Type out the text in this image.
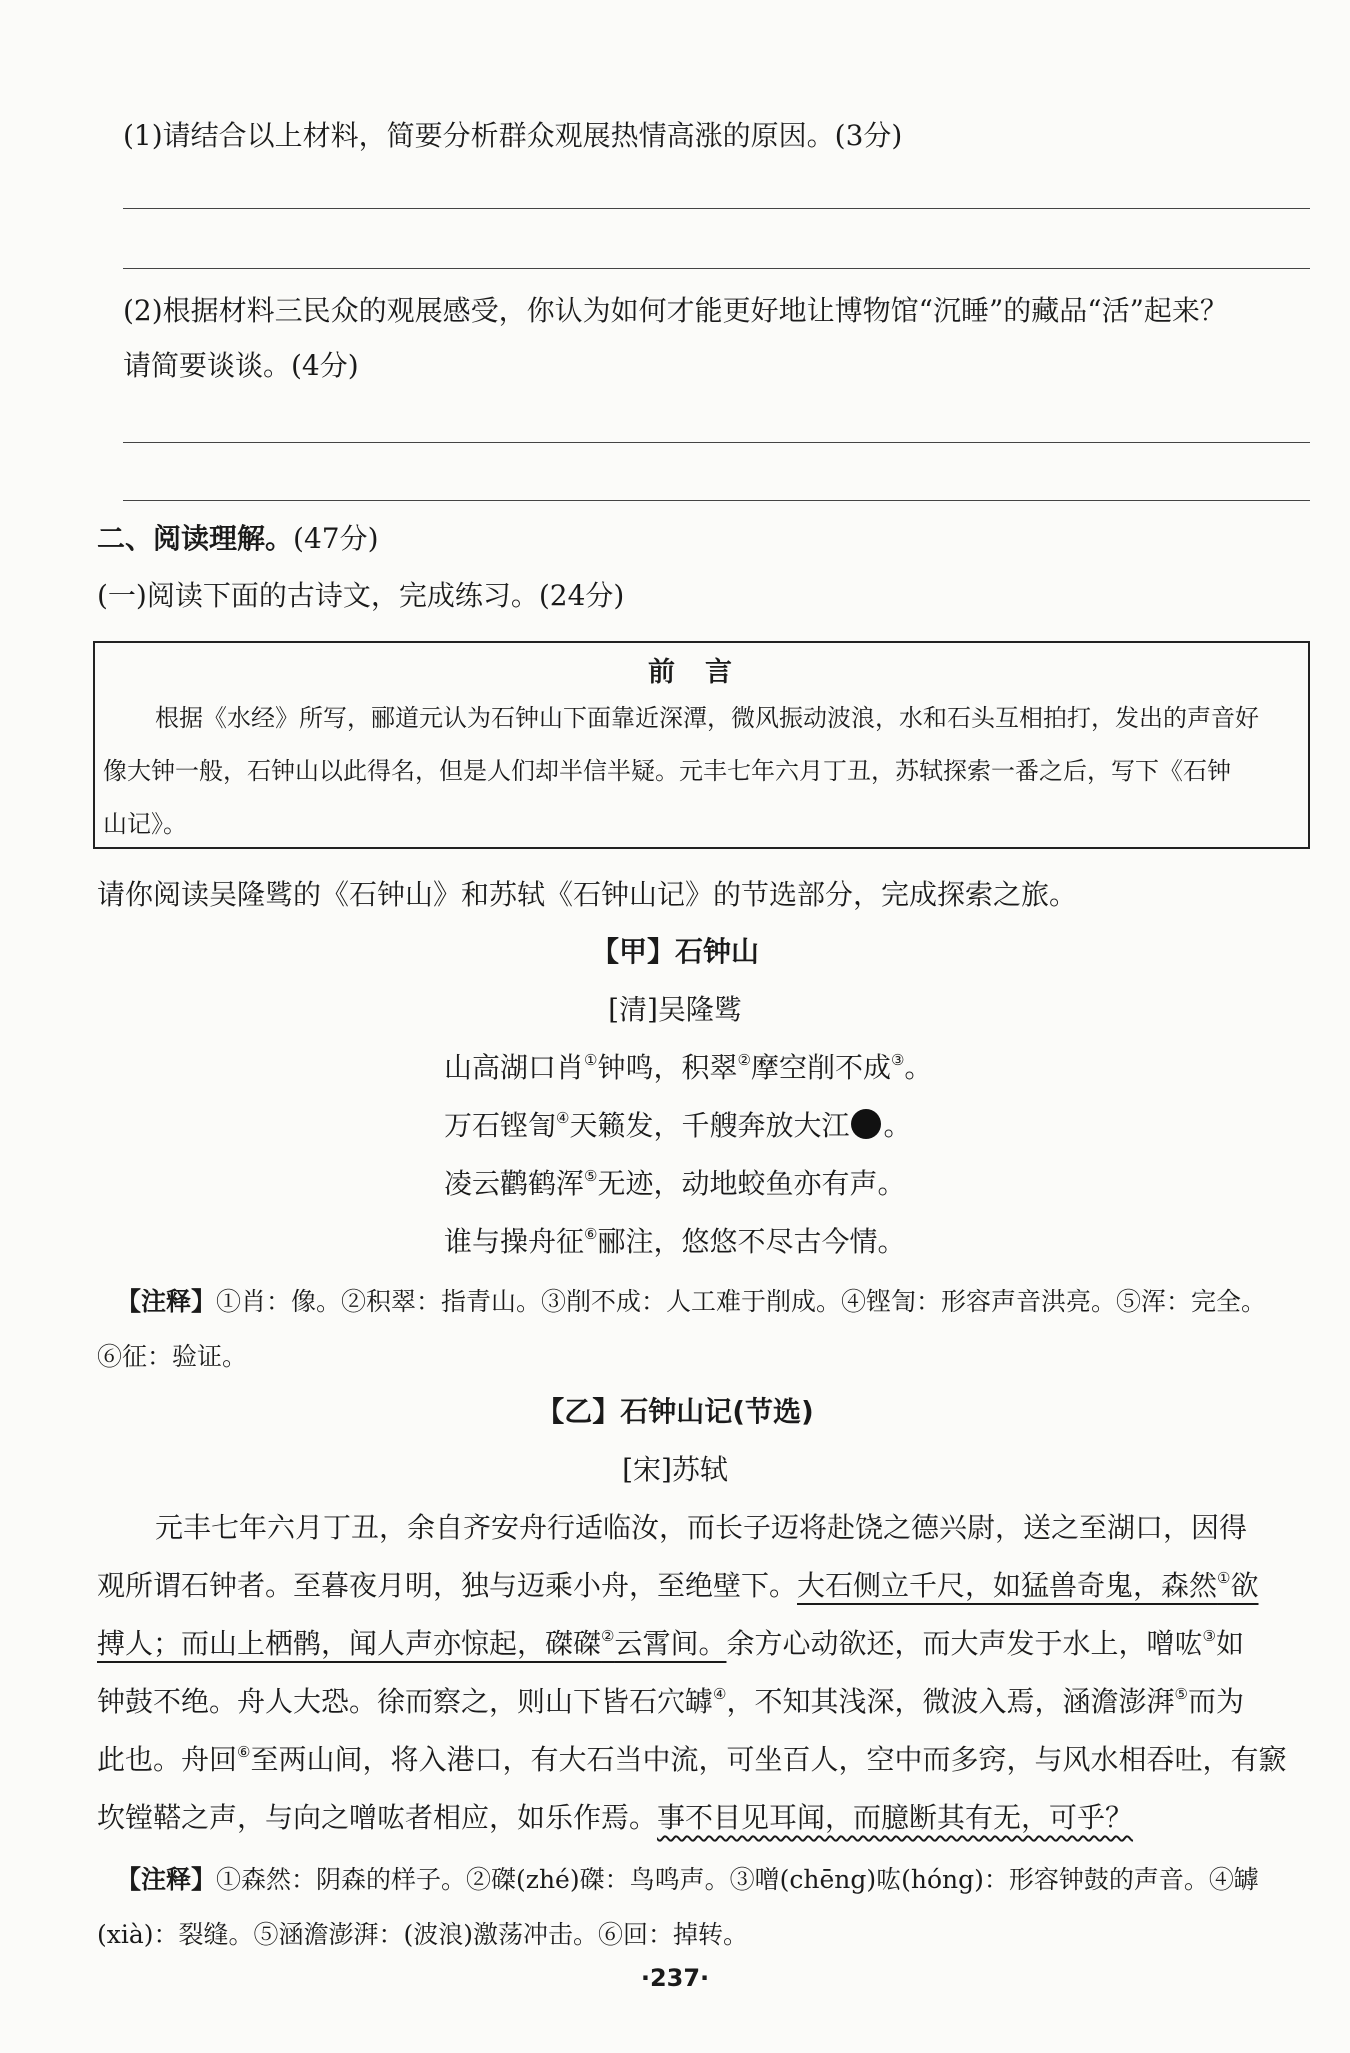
(1)请结合以上材料，简要分析群众观展热情高涨的原因。(3分)
(2)根据材料三民众的观展感受，你认为如何才能更好地让博物馆“沉睡”的藏品“活”起来？
请简要谈谈。(4分)
二、阅读理解。(47分)
(一)阅读下面的古诗文，完成练习。(24分)
前言
根据《水经》所写，郦道元认为石钟山下面靠近深潭，微风振动波浪，水和石头互相拍打，发出的声音好
像大钟一般，石钟山以此得名，但是人们却半信半疑。元丰七年六月丁丑，苏轼探索一番之后，写下《石钟
山记》。
请你阅读吴隆骘的《石钟山》和苏轼《石钟山记》的节选部分，完成探索之旅。
【甲】石钟山
[清]吴隆骘
山高湖口肖①钟鸣，积翠②摩空削不成③。
万石铿訇④天籁发，千艘奔放大江 。
凌云鹳鹤浑⑤无迹，动地蛟鱼亦有声。
谁与操舟征⑥郦注，悠悠不尽古今情。
【注释】①肖：像。②积翠：指青山。③削不成：人工难于削成。④铿訇：形容声音洪亮。⑤浑：完全。
⑥征：验证。
【乙】石钟山记(节选)
[宋]苏轼
元丰七年六月丁丑，余自齐安舟行适临汝，而长子迈将赴饶之德兴尉，送之至湖口，因得
观所谓石钟者。至暮夜月明，独与迈乘小舟，至绝壁下。大石侧立千尺，如猛兽奇鬼，森然①欲
搏人；而山上栖鹘，闻人声亦惊起，磔磔②云霄间。余方心动欲还，而大声发于水上，噌吰③如
钟鼓不绝。舟人大恐。徐而察之，则山下皆石穴罅④，不知其浅深，微波入焉，涵澹澎湃⑤而为
此也。舟回⑥至两山间，将入港口，有大石当中流，可坐百人，空中而多窍，与风水相吞吐，有窾
坎镗鞳之声，与向之噌吰者相应，如乐作焉。事不目见耳闻，而臆断其有无，可乎？
【注释】①森然：阴森的样子。②磔(zhé)磔：鸟鸣声。③噌(chēng)吰(hóng)：形容钟鼓的声音。④罅
(xià)：裂缝。⑤涵澹澎湃：(波浪)激荡冲击。⑥回：掉转。
·237·
